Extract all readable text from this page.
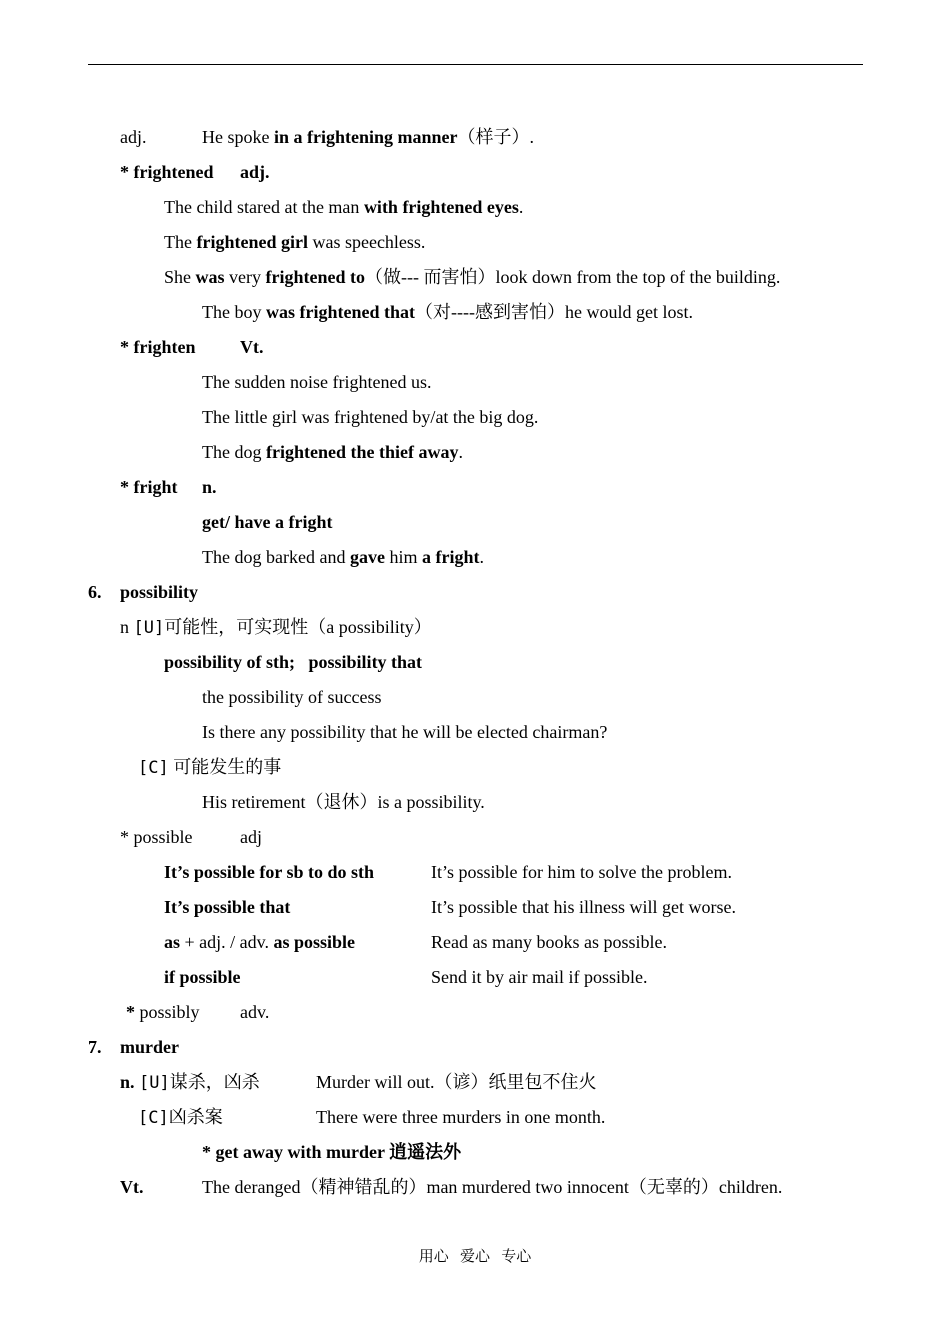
adj.	He spoke in a frightening manner（样子）.
* frightened adj.
The child stared at the man with frightened eyes.
The frightened girl was speechless.
She was very frightened to（做--- 而害怕）look down from the top of the building.
The boy was frightened that（对----感到害怕）he would get lost.
* frighten Vt.
The sudden noise frightened us.
The little girl was frightened by/at the big dog.
The dog frightened the thief away.
* fright n.
get/ have a fright
The dog barked and gave him a fright.
6. possibility
n [U]可能性，可实现性（a possibility）
possibility of sth;   possibility that
the possibility of success
Is there any possibility that he will be elected chairman?
[C] 可能发生的事
His retirement（退休）is a possibility.
* possible	adj
It’s possible for sb to do sth	It’s possible for him to solve the problem.
It’s possible that	It’s possible that his illness will get worse.
as + adj. / adv. as possible	Read as many books as possible.
if possible	Send it by air mail if possible.
* possibly adv.
7. murder
n. [U]谋杀，凶杀	Murder will out.（谚）纸里包不住火
[C]凶杀案	There were three murders in one month.
* get away with murder 逍遥法外
Vt.	The deranged（精神错乱的）man murdered two innocent（无辜的）children.
用心   爱心   专心
